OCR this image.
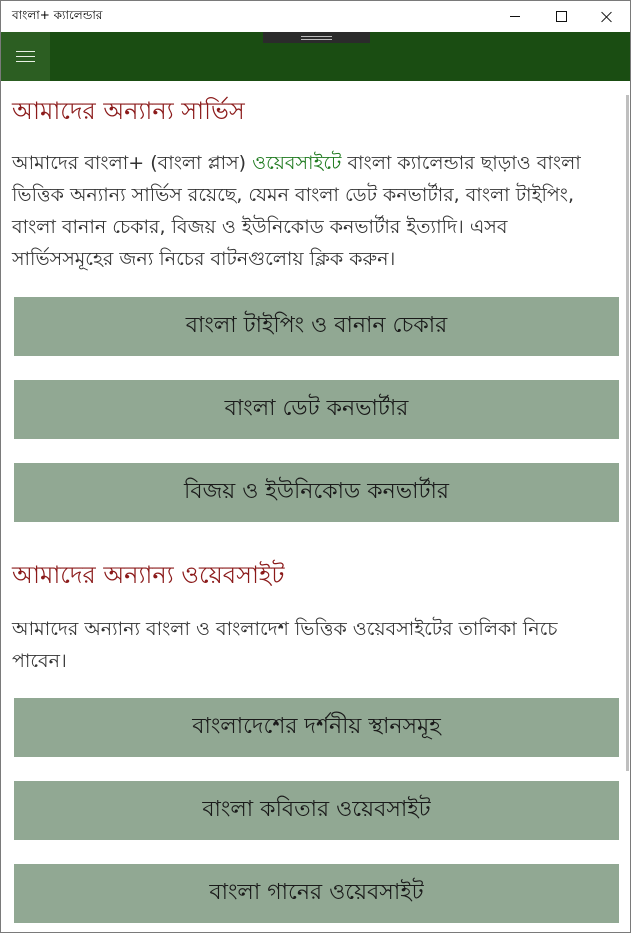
বাংলা+ ক্যালেন্ডার
আমাদের অন্যান্য সার্ভিস

আমাদের বাংলা+ (বাংলা প্লাস) ওয়েবসাইটে বাংলা ক্যালেন্ডার ছাড়াও বাংলা ভিত্তিক অন্যান্য সার্ভিস রয়েছে, যেমন বাংলা ডেট কনভার্টার, বাংলা টাইপিং, বাংলা বানান চেকার, বিজয় ও ইউনিকোড কনভার্টার ইত্যাদি। এসব সার্ভিসসমূহের জন্য নিচের বাটনগুলোয় ক্লিক করুন।

বাংলা টাইপিং ও বানান চেকার
বাংলা ডেট কনভার্টার
বিজয় ও ইউনিকোড কনভার্টার
আমাদের অন্যান্য ওয়েবসাইট

আমাদের অন্যান্য বাংলা ও বাংলাদেশ ভিত্তিক ওয়েবসাইটের তালিকা নিচে পাবেন।

বাংলাদেশের দর্শনীয় স্থানসমূহ
বাংলা কবিতার ওয়েবসাইট
বাংলা গানের ওয়েবসাইট
